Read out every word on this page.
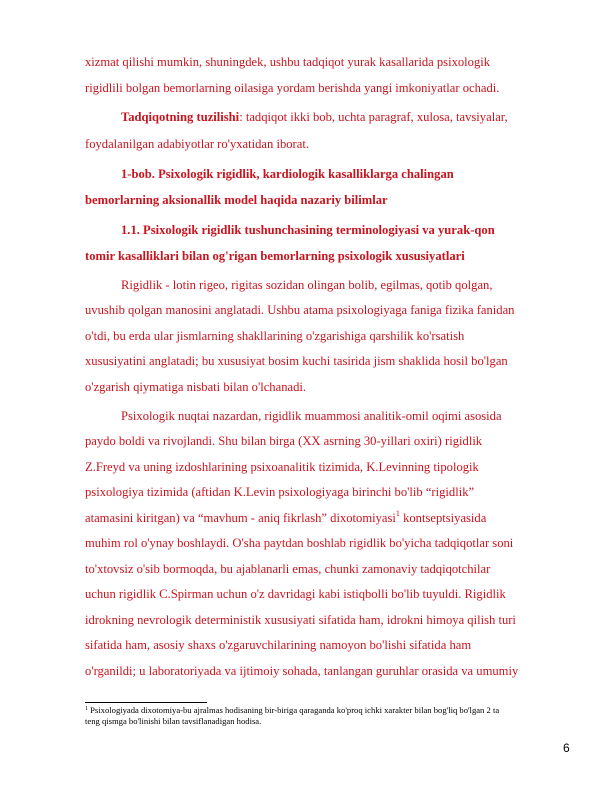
xizmat qilishi mumkin, shuningdek, ushbu tadqiqot yurak kasallarida psixologik
rigidlili bolgan bemorlarning oilasiga yordam berishda yangi imkoniyatlar ochadi.
Tadqiqotning tuzilishi: tadqiqot ikki bob, uchta paragraf, xulosa, tavsiyalar,
foydalanilgan adabiyotlar ro'yxatidan iborat.
1-bob. Psixologik rigidlik, kardiologik kasalliklarga chalingan
bemorlarning aksionallik model haqida nazariy bilimlar
1.1. Psixologik rigidlik tushunchasining terminologiyasi va yurak-qon
tomir kasalliklari bilan og'rigan bemorlarning psixologik xususiyatlari
Rigidlik - lotin rigeo, rigitas sozidan olingan bolib, egilmas, qotib qolgan,
uvushib qolgan manosini anglatadi. Ushbu atama psixologiyaga faniga fizika fanidan
o'tdi, bu erda ular jismlarning shakllarining o'zgarishiga qarshilik ko'rsatish
xususiyatini anglatadi; bu xususiyat bosim kuchi tasirida jism shaklida hosil bo'lgan
o'zgarish qiymatiga nisbati bilan o'lchanadi.
Psixologik nuqtai nazardan, rigidlik muammosi analitik-omil oqimi asosida
paydo boldi va rivojlandi. Shu bilan birga (XX asrning 30-yillari oxiri) rigidlik
Z.Freyd va uning izdoshlarining psixoanalitik tizimida, K.Levinning tipologik
psixologiya tizimida (aftidan K.Levin psixologiyaga birinchi bo'lib “rigidlik”
atamasini kiritgan) va “mavhum - aniq fikrlash” dixotomiyasi$^1$ kontseptsiyasida
muhim rol o'ynay boshlaydi. O'sha paytdan boshlab rigidlik bo'yicha tadqiqotlar soni
to'xtovsiz o'sib bormoqda, bu ajablanarli emas, chunki zamonaviy tadqiqotchilar
uchun rigidlik C.Spirman uchun o'z davridagi kabi istiqbolli bo'lib tuyuldi. Rigidlik
idrokning nevrologik deterministik xususiyati sifatida ham, idrokni himoya qilish turi
sifatida ham, asosiy shaxs o'zgaruvchilarining namoyon bo'lishi sifatida ham
o'rganildi; u laboratoriyada va ijtimoiy sohada, tanlangan guruhlar orasida va umumiy
$^1$ Psixologiyada dixotomiya-bu ajralmas hodisaning bir-biriga qaraganda ko'proq ichki xarakter bilan bog'liq bo'lgan 2 ta
teng qismga bo'linishi bilan tavsiflanadigan hodisa.
6
